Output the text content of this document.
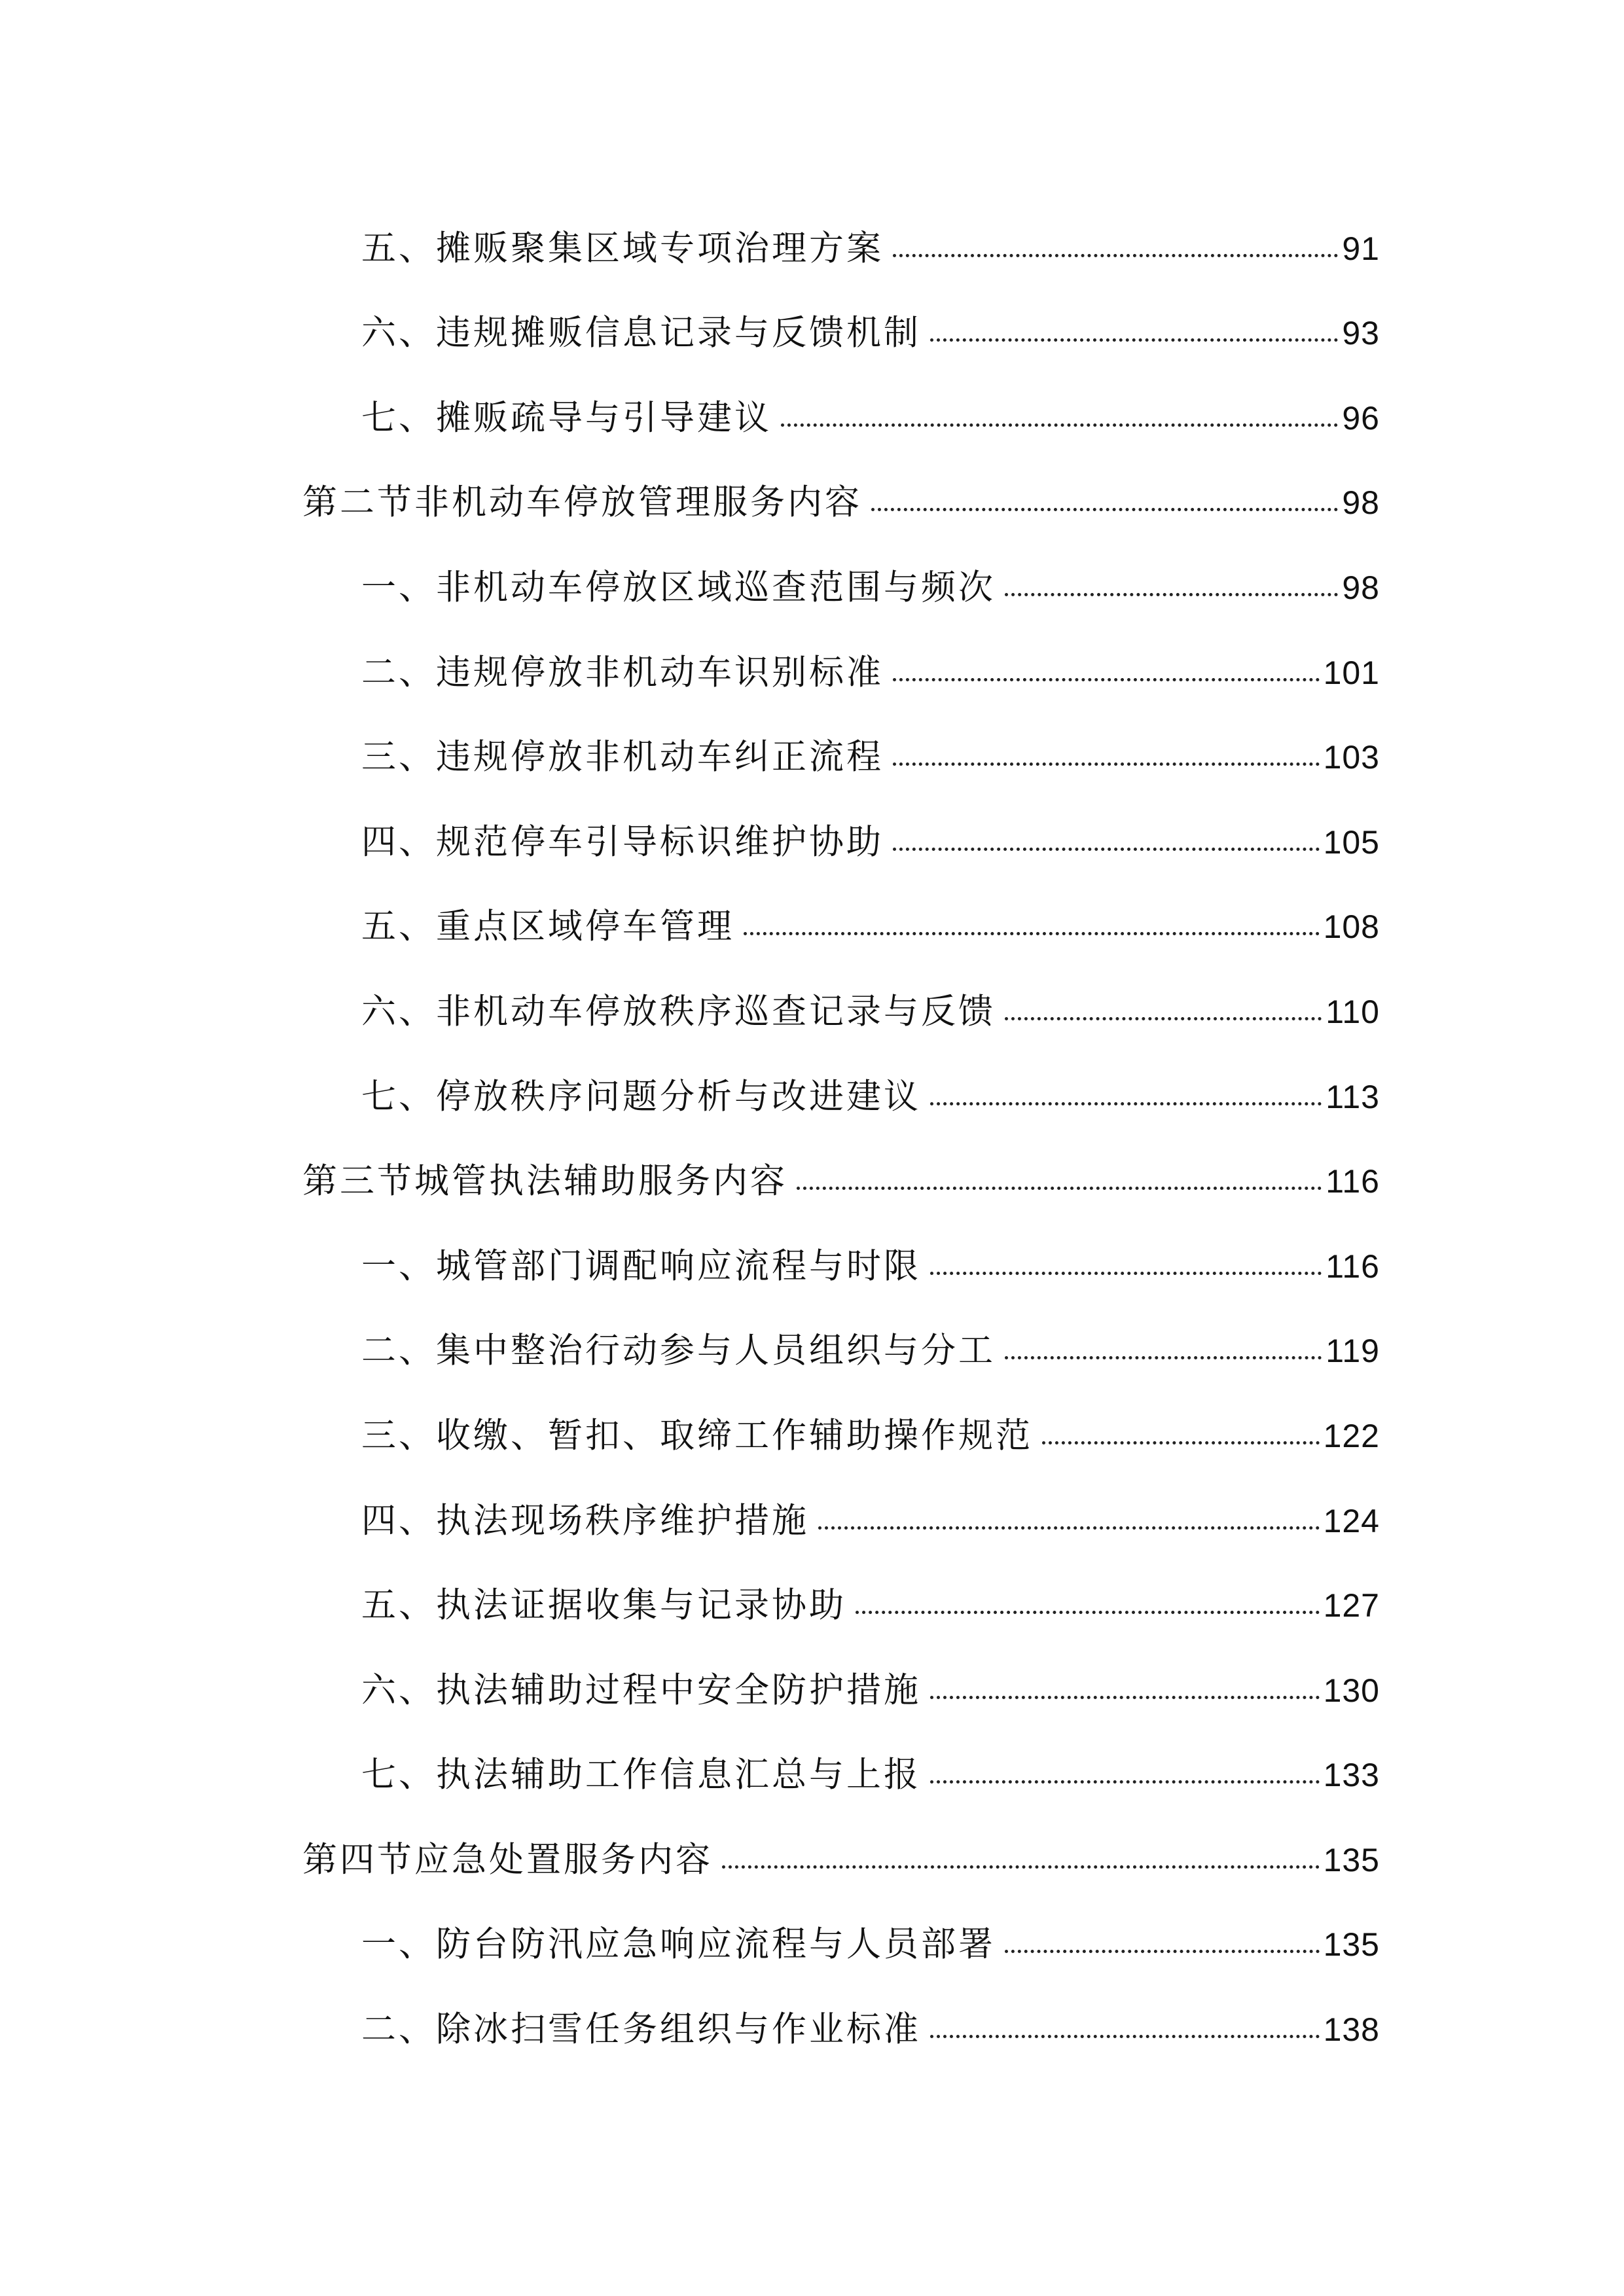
五、摊贩聚集区域专项治理方案	91
六、违规摊贩信息记录与反馈机制	93
七、摊贩疏导与引导建议	96
第二节非机动车停放管理服务内容	98
一、非机动车停放区域巡查范围与频次	98
二、违规停放非机动车识别标准	101
三、违规停放非机动车纠正流程	103
四、规范停车引导标识维护协助	105
五、重点区域停车管理	108
六、非机动车停放秩序巡查记录与反馈	110
七、停放秩序问题分析与改进建议	113
第三节城管执法辅助服务内容	116
一、城管部门调配响应流程与时限	116
二、集中整治行动参与人员组织与分工	119
三、收缴、暂扣、取缔工作辅助操作规范	122
四、执法现场秩序维护措施	124
五、执法证据收集与记录协助	127
六、执法辅助过程中安全防护措施	130
七、执法辅助工作信息汇总与上报	133
第四节应急处置服务内容	135
一、防台防汛应急响应流程与人员部署	135
二、除冰扫雪任务组织与作业标准	138
